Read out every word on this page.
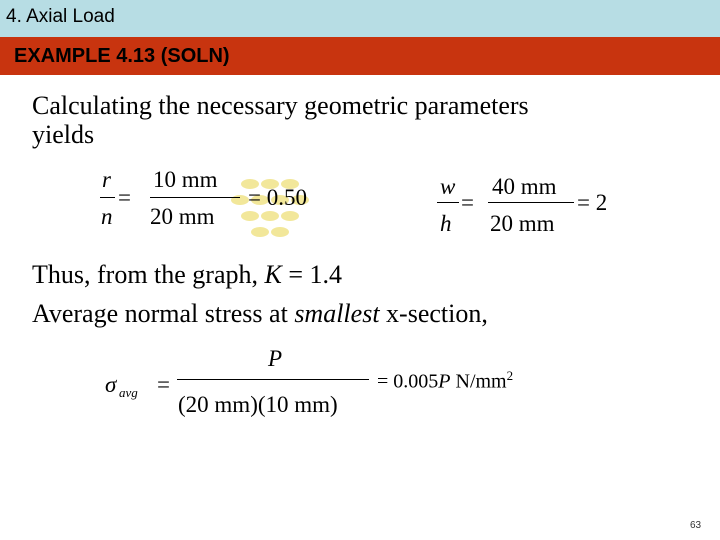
4. Axial Load
EXAMPLE 4.13 (SOLN)
Calculating the necessary geometric parameters
yields
r
n
=
10 mm
20 mm
= 0.50	w
h
=
40 mm
20 mm
= 2
Thus, from the graph, K = 1.4
Average normal stress at smallest x-section,
σ avg =
P
(20 mm)(10 mm)
= 0.005P $N/mm^2$
63
